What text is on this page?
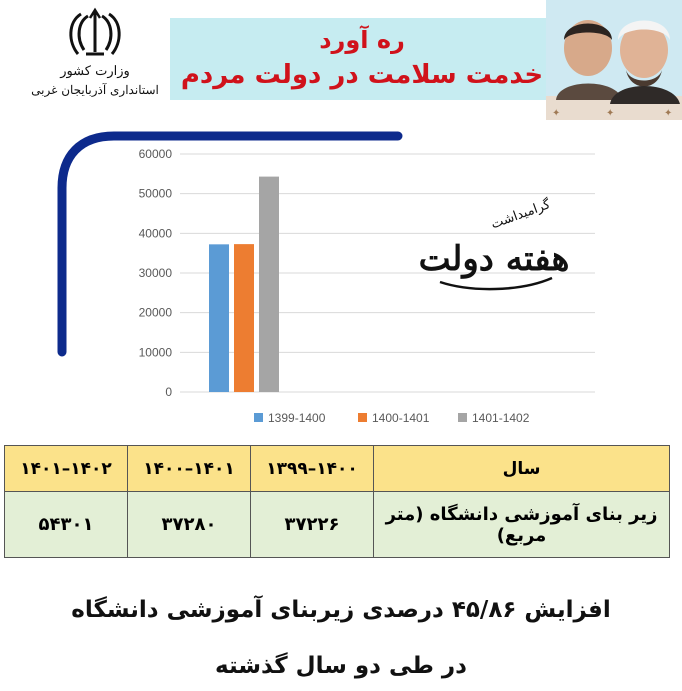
وزارت کشور
استانداری آذربایجان غربی
ره آورد
خدمت سلامت در دولت مردم
✦	✦	✦
0
10000
20000
30000
40000
50000
60000
1399-1400	1400-1401	1401-1402
گرامیداشت
هفته دولت
سال	۱۴۰۰–۱۳۹۹	۱۴۰۱–۱۴۰۰	۱۴۰۲–۱۴۰۱
زیر بنای آموزشی دانشگاه (متر مربع)	۳۷۲۲۶	۳۷۲۸۰	۵۴۳۰۱
افزایش ۴۵/۸۶ درصدی زیربنای آموزشی دانشگاه
در طی دو سال گذشته
